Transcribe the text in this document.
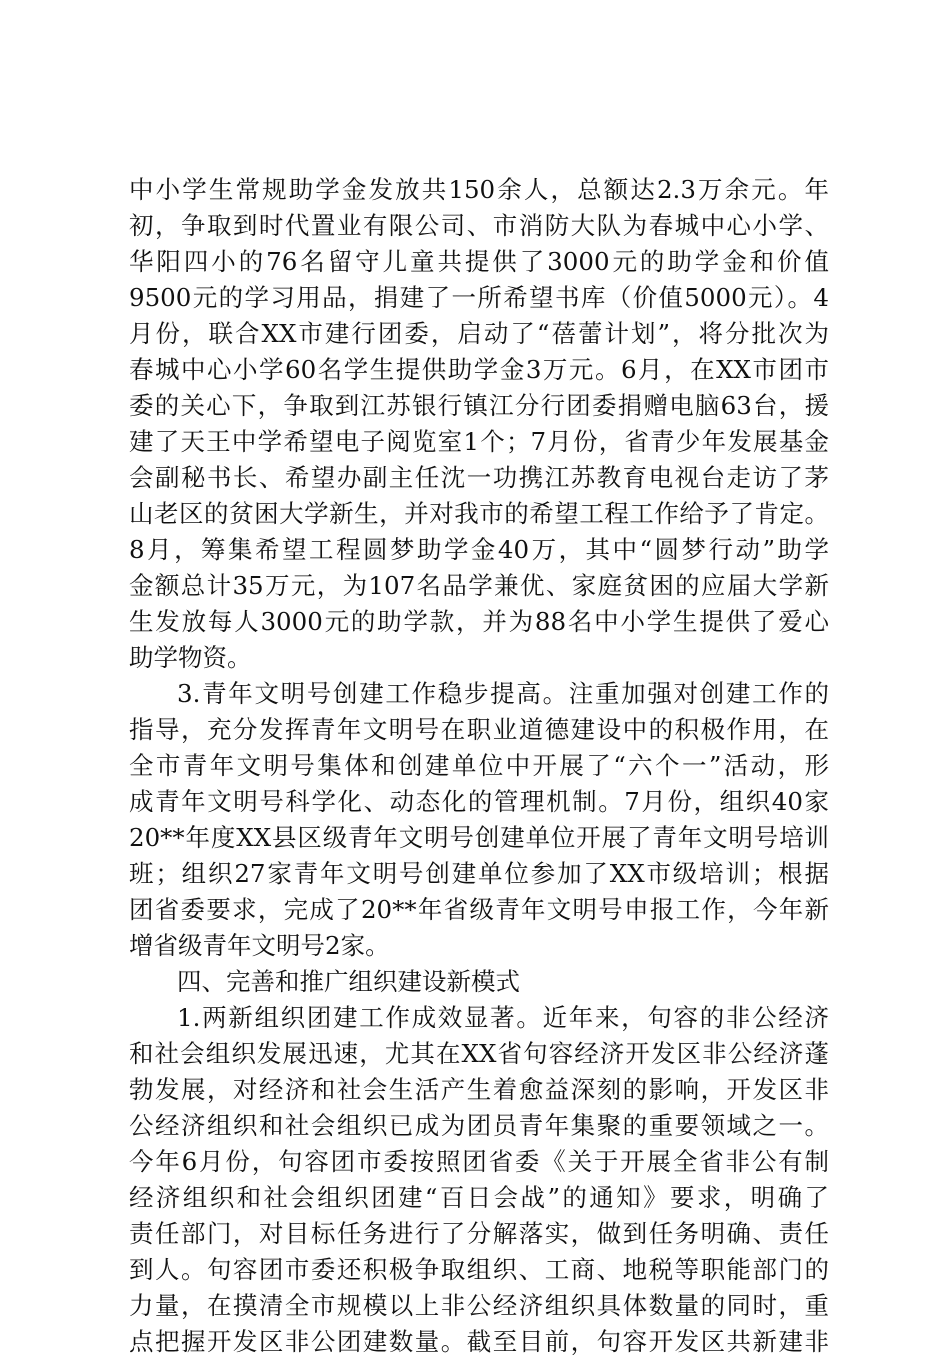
中小学生常规助学金发放共150余人，总额达2.3万余元。年
初，争取到时代置业有限公司、市消防大队为春城中心小学、
华阳四小的76名留守儿童共提供了3000元的助学金和价值
9500元的学习用品，捐建了一所希望书库（价值5000元）。4
月份，联合XX市建行团委，启动了“蓓蕾计划”，将分批次为
春城中心小学60名学生提供助学金3万元。6月，在XX市团市
委的关心下，争取到江苏银行镇江分行团委捐赠电脑63台，援
建了天王中学希望电子阅览室1个；7月份，省青少年发展基金
会副秘书长、希望办副主任沈一功携江苏教育电视台走访了茅
山老区的贫困大学新生，并对我市的希望工程工作给予了肯定。
8月，筹集希望工程圆梦助学金40万，其中“圆梦行动”助学
金额总计35万元，为107名品学兼优、家庭贫困的应届大学新
生发放每人3000元的助学款，并为88名中小学生提供了爱心
助学物资。
3.青年文明号创建工作稳步提高。注重加强对创建工作的
指导，充分发挥青年文明号在职业道德建设中的积极作用，在
全市青年文明号集体和创建单位中开展了“六个一”活动，形
成青年文明号科学化、动态化的管理机制。7月份，组织40家
20**年度XX县区级青年文明号创建单位开展了青年文明号培训
班；组织27家青年文明号创建单位参加了XX市级培训；根据
团省委要求，完成了20**年省级青年文明号申报工作，今年新
增省级青年文明号2家。
四、完善和推广组织建设新模式
1.两新组织团建工作成效显著。近年来，句容的非公经济
和社会组织发展迅速，尤其在XX省句容经济开发区非公经济蓬
勃发展，对经济和社会生活产生着愈益深刻的影响，开发区非
公经济组织和社会组织已成为团员青年集聚的重要领域之一。
今年6月份，句容团市委按照团省委《关于开展全省非公有制
经济组织和社会组织团建“百日会战”的通知》要求，明确了
责任部门，对目标任务进行了分解落实，做到任务明确、责任
到人。句容团市委还积极争取组织、工商、地税等职能部门的
力量，在摸清全市规模以上非公经济组织具体数量的同时，重
点把握开发区非公团建数量。截至目前，句容开发区共新建非
